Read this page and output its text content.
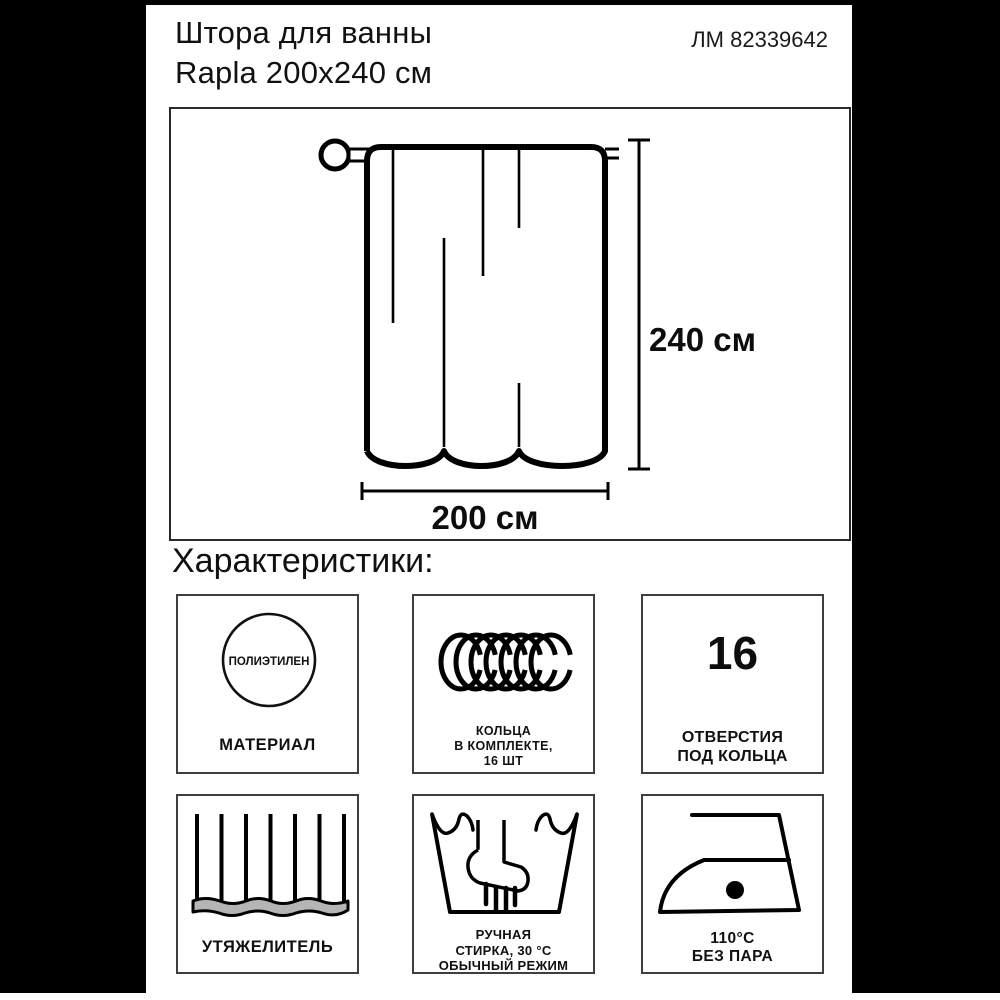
Штора для ванны
Rapla 200x240 см
ЛМ 82339642
240 см
200 см
Характеристики:
ПОЛИЭТИЛЕН
МАТЕРИАЛ
КОЛЬЦА
В КОМПЛЕКТЕ,
16 ШТ
16
ОТВЕРСТИЯ
ПОД КОЛЬЦА
УТЯЖЕЛИТЕЛЬ
РУЧНАЯ
СТИРКА, 30 °С
ОБЫЧНЫЙ РЕЖИМ
110°С
БЕЗ ПАРА
